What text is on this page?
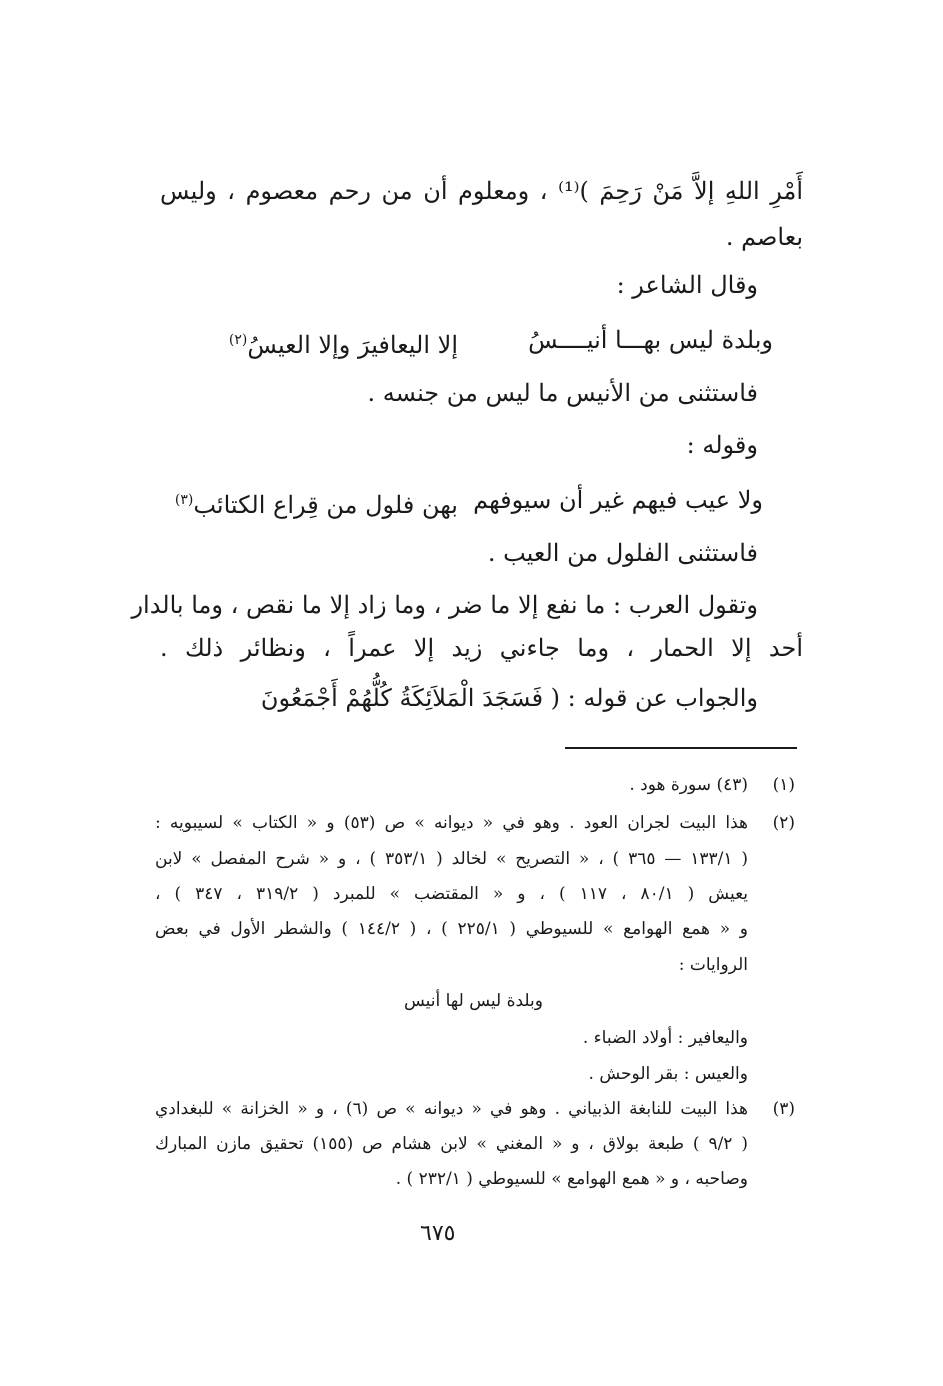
أَمْرِ اللهِ إلاَّ مَنْ رَحِمَ )⁽¹⁾ ، ومعلوم أن من رحم معصوم ، وليس
بعاصم .
وقال الشاعر :
وبلدة ليس بهـــا أنيــــسُ
إلا اليعافيرَ وإلا العيسُ$^{(٢)}$
فاستثنى من الأنيس ما ليس من جنسه .
وقوله :
ولا عيب فيهم غير أن سيوفهم
بهن فلول من قِراع الكتائب$^{(٣)}$
فاستثنى الفلول من العيب .
وتقول العرب : ما نفع إلا ما ضر ، وما زاد إلا ما نقص ، وما بالدار
أحد إلا الحمار ، وما جاءني زيد إلا عمراً ، ونظائر ذلك .
والجواب عن قوله : ( فَسَجَدَ الْمَلاَئِكَةُ كُلُّهُمْ أَجْمَعُونَ
(١)
(٤٣) سورة هود .
(٢)
هذا البيت لجران العود . وهو في « ديوانه » ص (٥٣) و « الكتاب » لسيبويه :
( ١٣٣/١ — ٣٦٥ ) ، « التصريح » لخالد ( ٣٥٣/١ ) ، و « شرح المفصل » لابن
يعيش ( ٨٠/١ ، ١١٧ ) ، و « المقتضب » للمبرد ( ٣١٩/٢ ، ٣٤٧ ) ،
و « همع الهوامع » للسيوطي ( ٢٢٥/١ ) ، ( ١٤٤/٢ ) والشطر الأول في بعض
الروايات :
وبلدة ليس لها أنيس
واليعافير : أولاد الضباء .
والعيس : بقر الوحش .
(٣)
هذا البيت للنابغة الذبياني . وهو في « ديوانه » ص (٦) ، و « الخزانة » للبغدادي
( ٩/٢ ) طبعة بولاق ، و « المغني » لابن هشام ص (١٥٥) تحقيق مازن المبارك
وصاحبه ، و « همع الهوامع » للسيوطي ( ٢٣٢/١ ) .
٦٧٥
